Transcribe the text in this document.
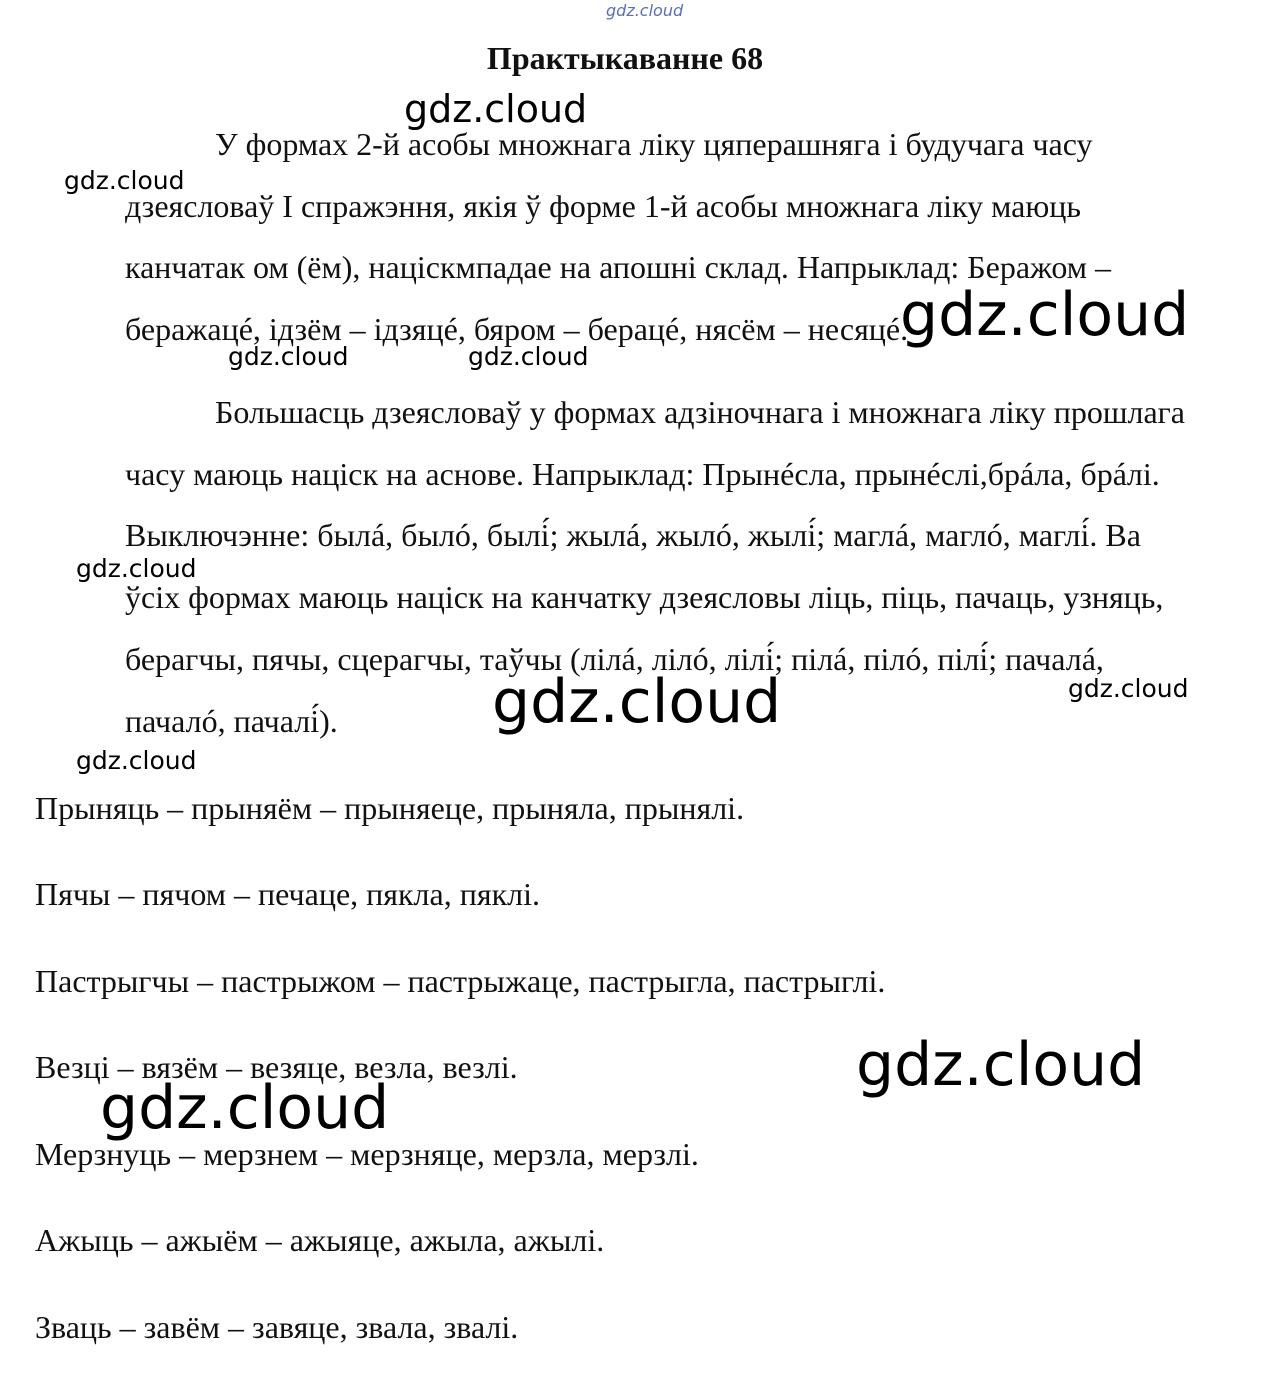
gdz.cloud
Практыкаванне 68
У формах 2-й асобы множнага ліку цяперашняга і будучага часу
дзеясловаў I спражэння, якія ў форме 1-й асобы множнага ліку маюць
канчатак ом (ём), націскмпадае на апошні склад. Напрыклад: Беражом –
беражацé, ідзём – ідзяцé, бяром – берацé, нясём – несяцé.
Большасць дзеясловаў у формах адзіночнага і множнага ліку прошлага
часу маюць націск на аснове. Напрыклад: Прынéсла, прынéслі,брáла, брáлі.
Выключэнне: былá, былó, былі́; жылá, жылó, жылі́; маглá, маглó, маглі́. Ва
ўсіх формах маюць націск на канчатку дзеясловы ліць, піць, пачаць, узняць,
берагчы, пячы, сцерагчы, таўчы (лілá, лілó, лілі́; пілá, пілó, пілі́; пачалá,
пачалó, пачалі́).

Прыняць – прыняём – прыняеце, прыняла, прынялі.

Пячы – пячом – печаце, пякла, пяклі.

Пастрыгчы – пастрыжом – пастрыжаце, пастрыгла, пастрыглі.

Везці – вязём – везяце, везла, везлі.

Мерзнуць – мерзнем – мерзняце, мерзла, мерзлі.

Ажыць – ажыём – ажыяце, ажыла, ажылі.

Зваць – завём – завяце, звала, звалі.

gdz.cloud
gdz.cloud
gdz.cloud
gdz.cloud	gdz.cloud
gdz.cloud
gdz.cloud
gdz.cloud
gdz.cloud
gdz.cloud
gdz.cloud
